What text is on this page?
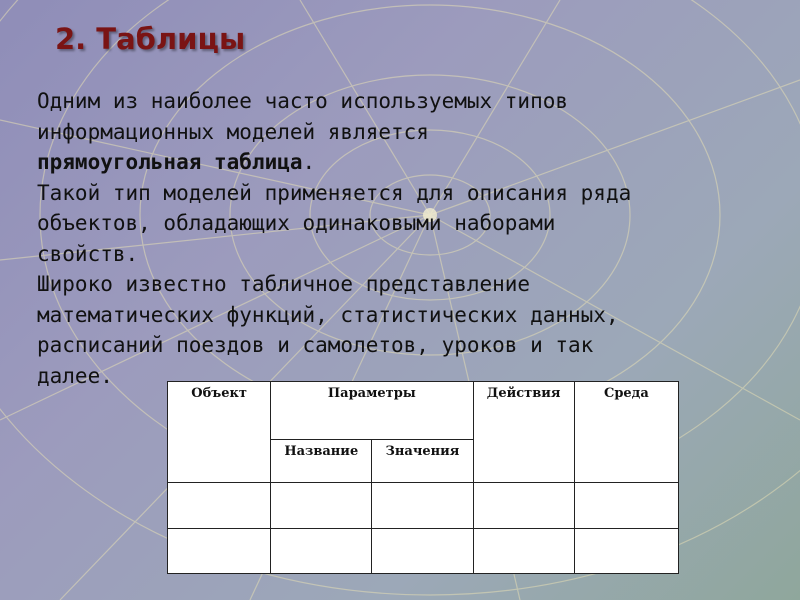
2. Таблицы

Одним из наиболее часто используемых типов
информационных моделей является
прямоугольная таблица.

Такой тип моделей применяется для описания ряда
объектов, обладающих одинаковыми наборами
свойств.

Широко известно табличное представление
математических функций, статистических данных,
расписаний поездов и самолетов, уроков и так
далее.

Объект	Параметры		Действия	Среда
	Название	Значения		
